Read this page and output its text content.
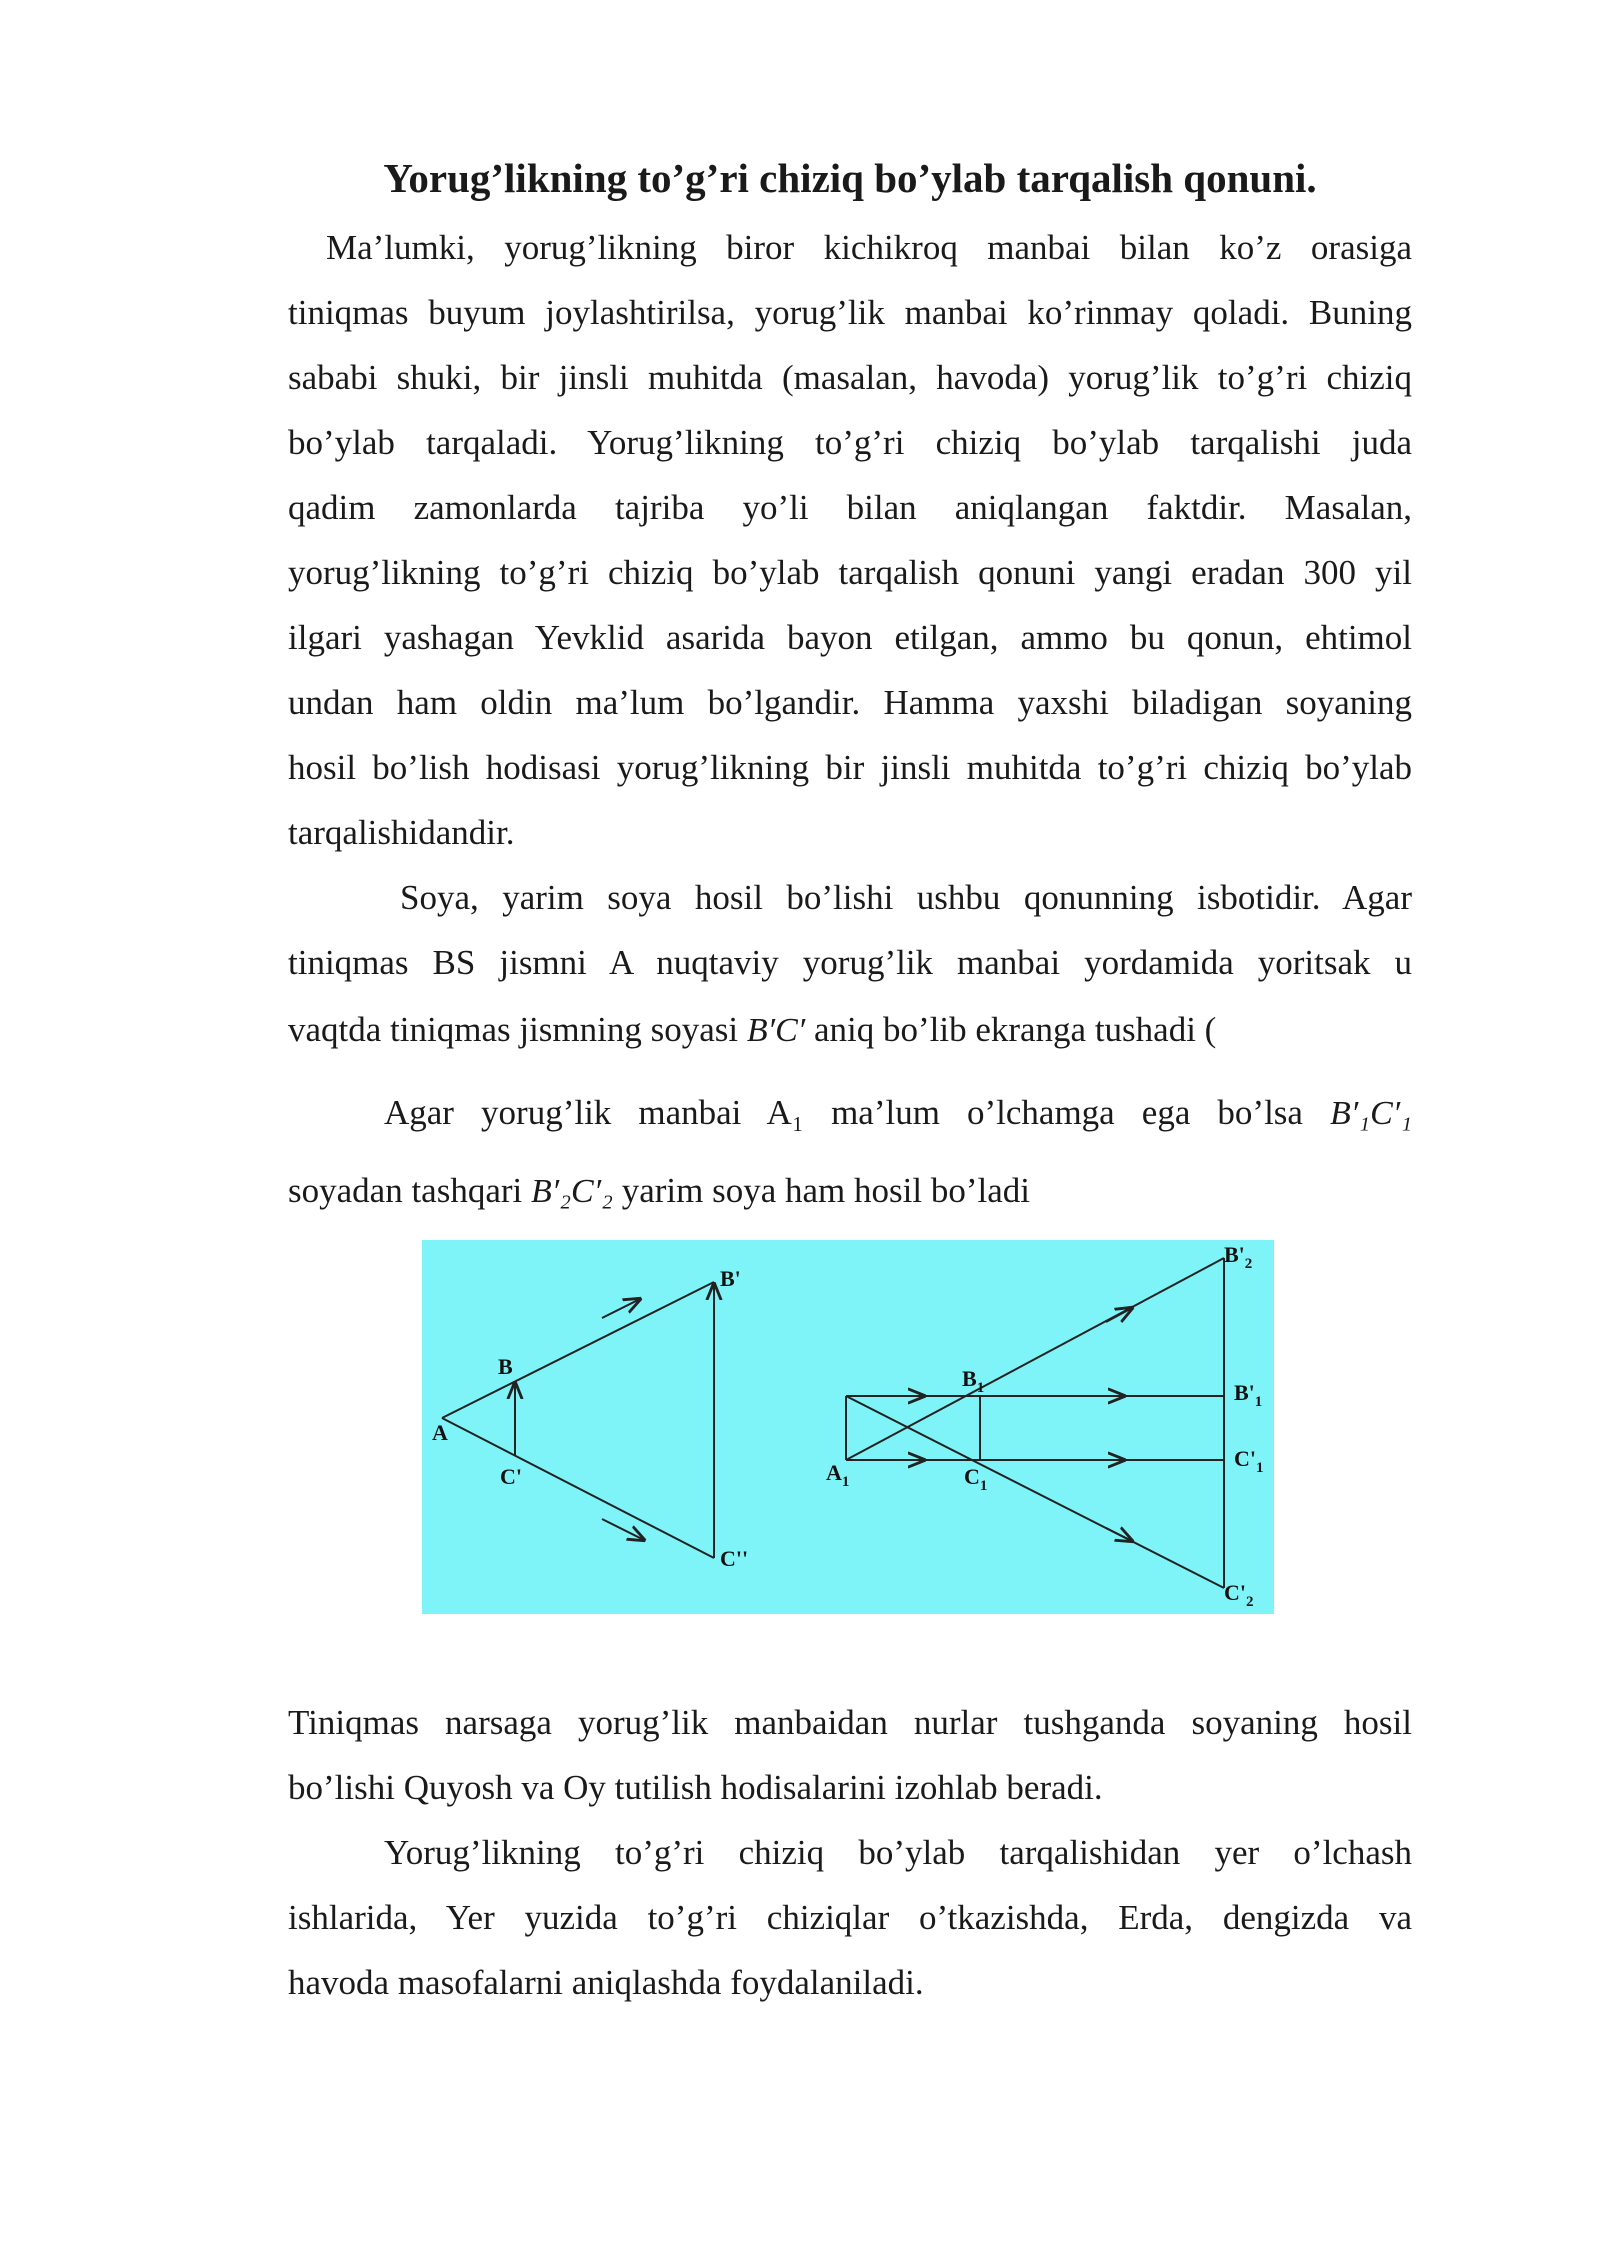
Yorug’likning to’g’ri chiziq bo’ylab tarqalish qonuni.
Ma’lumki, yorug’likning biror kichikroq manbai bilan ko’z orasiga
tiniqmas buyum joylashtirilsa, yorug’lik manbai ko’rinmay qoladi. Buning
sababi shuki, bir jinsli muhitda (masalan, havoda) yorug’lik to’g’ri chiziq
bo’ylab tarqaladi. Yorug’likning to’g’ri chiziq bo’ylab tarqalishi juda
qadim zamonlarda tajriba yo’li bilan aniqlangan faktdir. Masalan,
yorug’likning to’g’ri chiziq bo’ylab tarqalish qonuni yangi eradan 300 yil
ilgari yashagan Yevklid asarida bayon etilgan, ammo bu qonun, ehtimol
undan ham oldin ma’lum bo’lgandir. Hamma yaxshi biladigan soyaning
hosil bo’lish hodisasi yorug’likning bir jinsli muhitda to’g’ri chiziq bo’ylab
tarqalishidandir.
Soya, yarim soya hosil bo’lishi ushbu qonunning isbotidir. Agar
tiniqmas BS jismni A nuqtaviy yorug’lik manbai yordamida yoritsak u
vaqtda tiniqmas jismning soyasi B′C′ aniq bo’lib ekranga tushadi (
Agar yorug’lik manbai A₁ ma’lum o’lchamga ega bo’lsa B′₁C′₁
soyadan tashqari B′₂C′₂ yarim soya ham hosil bo’ladi
Tiniqmas narsaga yorug’lik manbaidan nurlar tushganda soyaning hosil
bo’lishi Quyosh va Oy tutilish hodisalarini izohlab beradi.
Yorug’likning to’g’ri chiziq bo’ylab tarqalishidan yer o’lchash
ishlarida, Yer yuzida to’g’ri chiziqlar o’tkazishda, Erda, dengizda va
havoda masofalarni aniqlashda foydalaniladi.
A
B
C'
B'
C''
$A_1$
$B_1$
$C_1$
$B'_1$
$C'_1$
$B'_2$
$C'_2$
